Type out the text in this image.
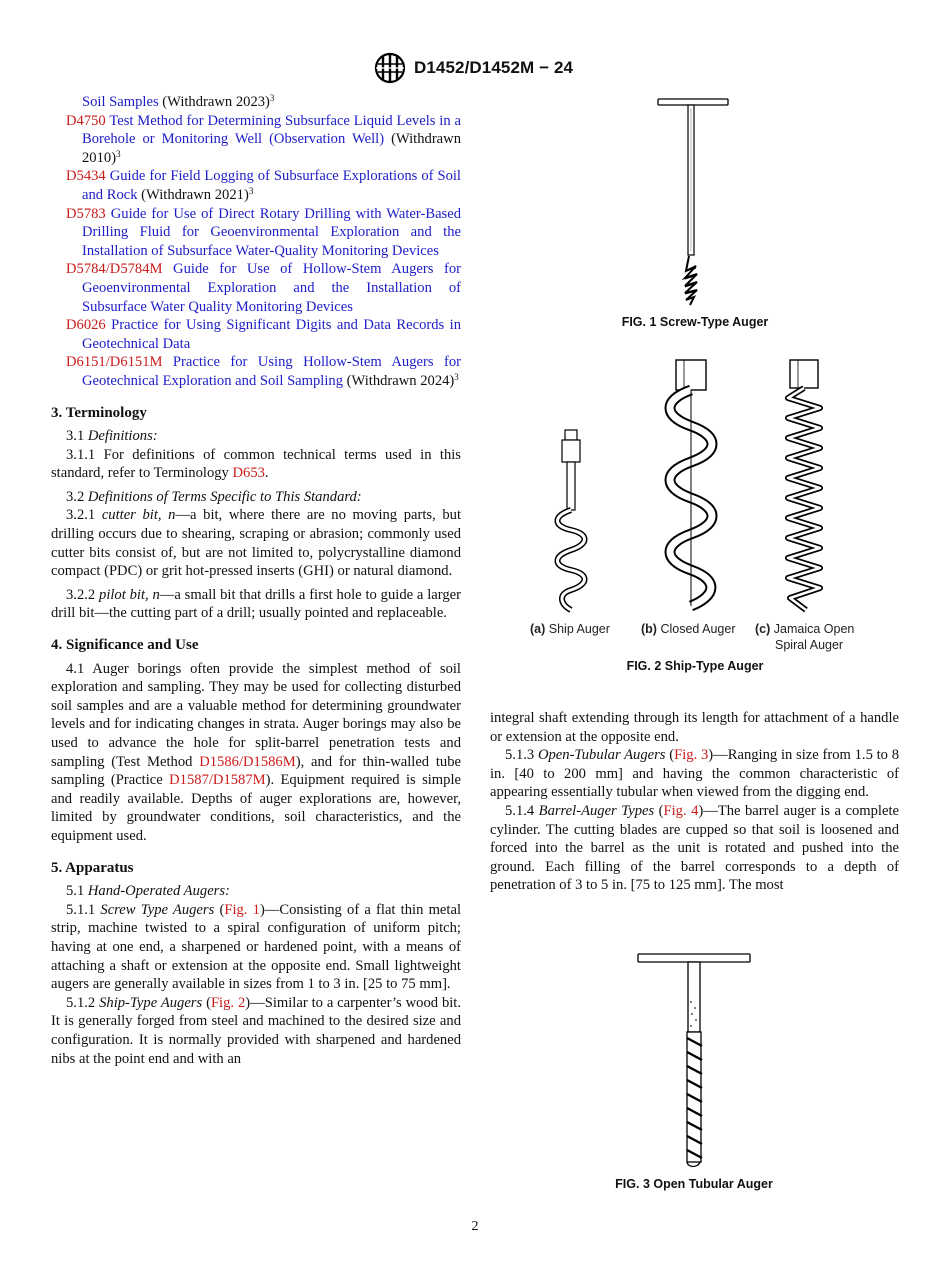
D1452/D1452M − 24

Soil Samples (Withdrawn 2023)$^3$

D4750 Test Method for Determining Subsurface Liquid Levels in a Borehole or Monitoring Well (Observation Well) (Withdrawn 2010)$^3$

D5434 Guide for Field Logging of Subsurface Explorations of Soil and Rock (Withdrawn 2021)$^3$

D5783 Guide for Use of Direct Rotary Drilling with Water-Based Drilling Fluid for Geoenvironmental Exploration and the Installation of Subsurface Water-Quality Monitoring Devices

D5784/D5784M Guide for Use of Hollow-Stem Augers for Geoenvironmental Exploration and the Installation of Subsurface Water Quality Monitoring Devices

D6026 Practice for Using Significant Digits and Data Records in Geotechnical Data

D6151/D6151M Practice for Using Hollow-Stem Augers for Geotechnical Exploration and Soil Sampling (Withdrawn 2024)$^3$

3. Terminology

3.1 Definitions:

3.1.1 For definitions of common technical terms used in this standard, refer to Terminology D653.

3.2 Definitions of Terms Specific to This Standard:

3.2.1 cutter bit, n—a bit, where there are no moving parts, but drilling occurs due to shearing, scraping or abrasion; commonly used cutter bits consist of, but are not limited to, polycrystalline diamond compact (PDC) or grit hot-pressed inserts (GHI) or natural diamond.

3.2.2 pilot bit, n—a small bit that drills a first hole to guide a larger drill bit—the cutting part of a drill; usually pointed and replaceable.

4. Significance and Use

4.1 Auger borings often provide the simplest method of soil exploration and sampling. They may be used for collecting disturbed soil samples and are a valuable method for determining groundwater levels and for indicating changes in strata. Auger borings may also be used to advance the hole for split-barrel penetration tests and sampling (Test Method D1586/D1586M), and for thin-walled tube sampling (Practice D1587/D1587M). Equipment required is simple and readily available. Depths of auger explorations are, however, limited by groundwater conditions, soil characteristics, and the equipment used.

5. Apparatus

5.1 Hand-Operated Augers:

5.1.1 Screw Type Augers (Fig. 1)—Consisting of a flat thin metal strip, machine twisted to a spiral configuration of uniform pitch; having at one end, a sharpened or hardened point, with a means of attaching a shaft or extension at the opposite end. Small lightweight augers are generally available in sizes from 1 to 3 in. [25 to 75 mm].

5.1.2 Ship-Type Augers (Fig. 2)—Similar to a carpenter’s wood bit. It is generally forged from steel and machined to the desired size and configuration. It is normally provided with sharpened and hardened nibs at the point end and with an

integral shaft extending through its length for attachment of a handle or extension at the opposite end.

5.1.3 Open-Tubular Augers (Fig. 3)—Ranging in size from 1.5 to 8 in. [40 to 200 mm] and having the common characteristic of appearing essentially tubular when viewed from the digging end.

5.1.4 Barrel-Auger Types (Fig. 4)—The barrel auger is a complete cylinder. The cutting blades are cupped so that soil is loosened and forced into the barrel as the unit is rotated and pushed into the ground. Each filling of the barrel corresponds to a depth of penetration of 3 to 5 in. [75 to 125 mm]. The most

FIG. 1 Screw-Type Auger
(a) Ship Auger (b) Closed Auger (c) Jamaica Open
Spiral Auger
FIG. 2 Ship-Type Auger
FIG. 3 Open Tubular Auger
2
